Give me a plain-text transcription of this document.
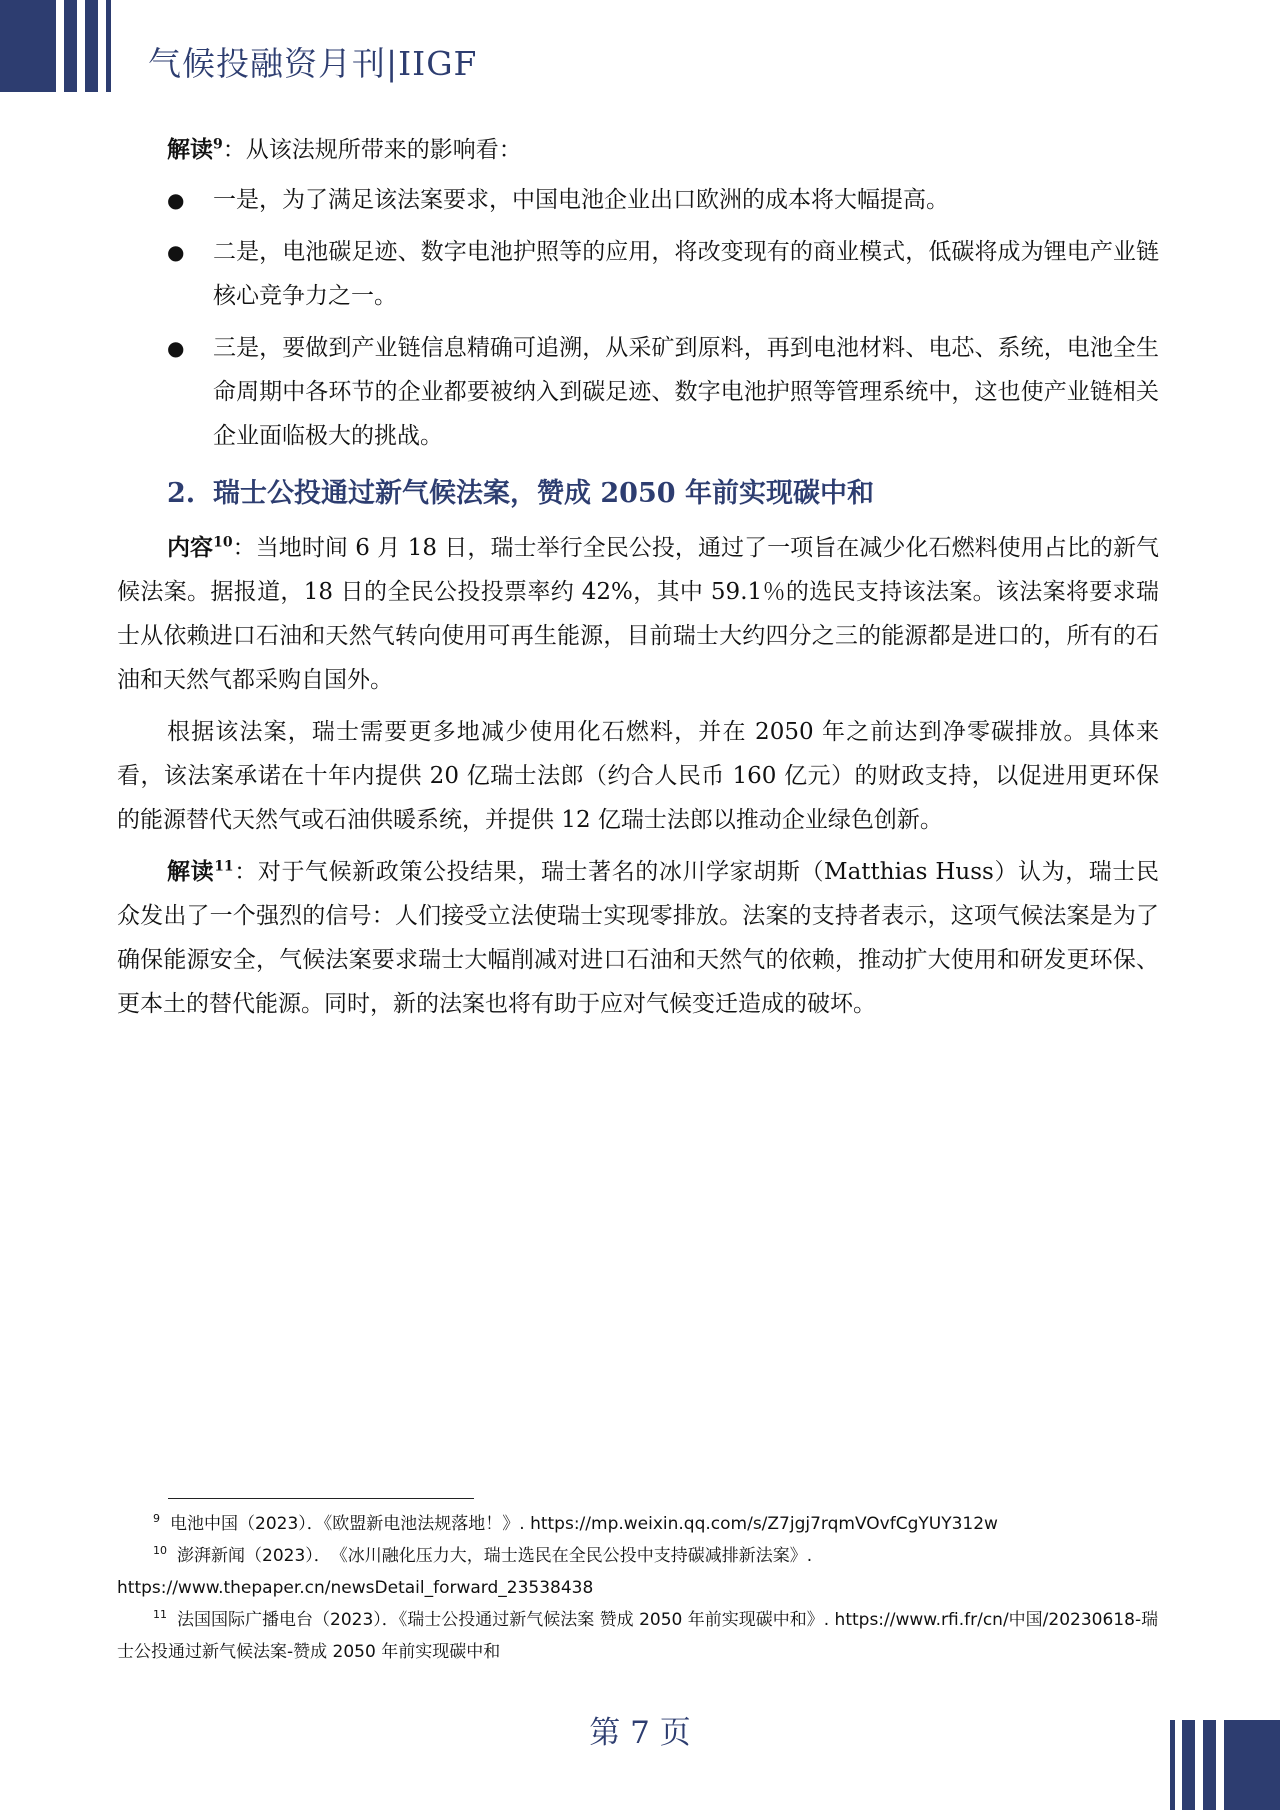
气候投融资月刊|IIGF

解读$^9$：从该法规所带来的影响看：

● 一是，为了满足该法案要求，中国电池企业出口欧洲的成本将大幅提高。
● 二是，电池碳足迹、数字电池护照等的应用，将改变现有的商业模式，低碳将成为锂电产业链核心竞争力之一。
● 三是，要做到产业链信息精确可追溯，从采矿到原料，再到电池材料、电芯、系统，电池全生命周期中各环节的企业都要被纳入到碳足迹、数字电池护照等管理系统中，这也使产业链相关企业面临极大的挑战。
2. 瑞士公投通过新气候法案，赞成 2050 年前实现碳中和

内容$^{10}$：当地时间 6 月 18 日，瑞士举行全民公投，通过了一项旨在减少化石燃料使用占比的新气候法案。据报道，18 日的全民公投投票率约 42%，其中 59.1％的选民支持该法案。该法案将要求瑞士从依赖进口石油和天然气转向使用可再生能源，目前瑞士大约四分之三的能源都是进口的，所有的石油和天然气都采购自国外。

根据该法案，瑞士需要更多地减少使用化石燃料，并在 2050 年之前达到净零碳排放。具体来看，该法案承诺在十年内提供 20 亿瑞士法郎（约合人民币 160 亿元）的财政支持，以促进用更环保的能源替代天然气或石油供暖系统，并提供 12 亿瑞士法郎以推动企业绿色创新。

解读$^{11}$：对于气候新政策公投结果，瑞士著名的冰川学家胡斯（Matthias Huss）认为，瑞士民众发出了一个强烈的信号：人们接受立法使瑞士实现零排放。法案的支持者表示，这项气候法案是为了确保能源安全，气候法案要求瑞士大幅削减对进口石油和天然气的依赖，推动扩大使用和研发更环保、更本土的替代能源。同时，新的法案也将有助于应对气候变迁造成的破坏。

$^9$ 电池中国（2023）．《欧盟新电池法规落地！》. https://mp.weixin.qq.com/s/Z7jgj7rqmVOvfCgYUY312w

$^{10}$ 澎湃新闻（2023）．　《冰川融化压力大，瑞士选民在全民公投中支持碳减排新法案》. https://www.thepaper.cn/newsDetail_forward_23538438

$^{11}$ 法国国际广播电台（2023）．《瑞士公投通过新气候法案 赞成 2050 年前实现碳中和》. https://www.rfi.fr/cn/中国/20230618-瑞士公投通过新气候法案-赞成 2050 年前实现碳中和

第 7 页
